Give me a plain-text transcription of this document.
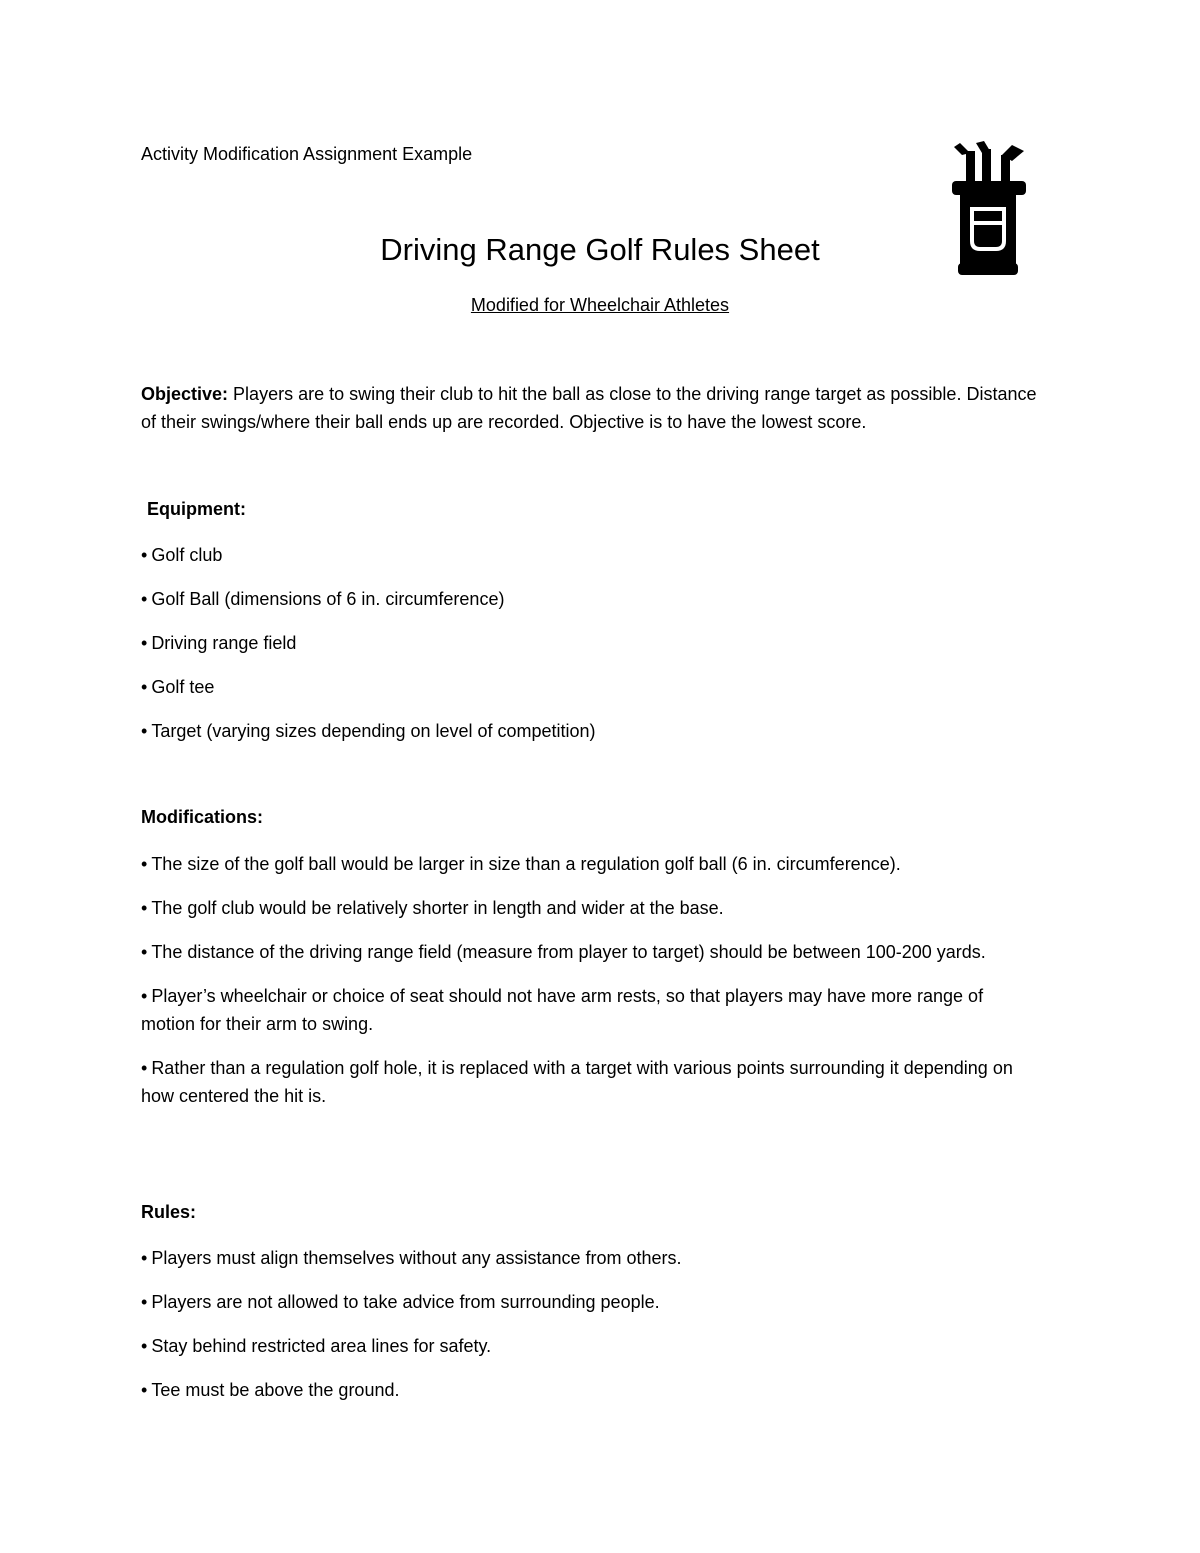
Activity Modification Assignment Example
Driving Range Golf Rules Sheet
Modified for Wheelchair Athletes
Objective: Players are to swing their club to hit the ball as close to the driving range target as possible. Distance of their swings/where their ball ends up are recorded. Objective is to have the lowest score.
Equipment:
• Golf club
• Golf Ball (dimensions of 6 in. circumference)
• Driving range field
• Golf tee
• Target (varying sizes depending on level of competition)
Modifications:
• The size of the golf ball would be larger in size than a regulation golf ball (6 in. circumference).
• The golf club would be relatively shorter in length and wider at the base.
• The distance of the driving range field (measure from player to target) should be between 100-200 yards.
• Player’s wheelchair or choice of seat should not have arm rests, so that players may have more range of motion for their arm to swing.
• Rather than a regulation golf hole, it is replaced with a target with various points surrounding it depending on how centered the hit is.
Rules:
• Players must align themselves without any assistance from others.
• Players are not allowed to take advice from surrounding people.
• Stay behind restricted area lines for safety.
• Tee must be above the ground.
